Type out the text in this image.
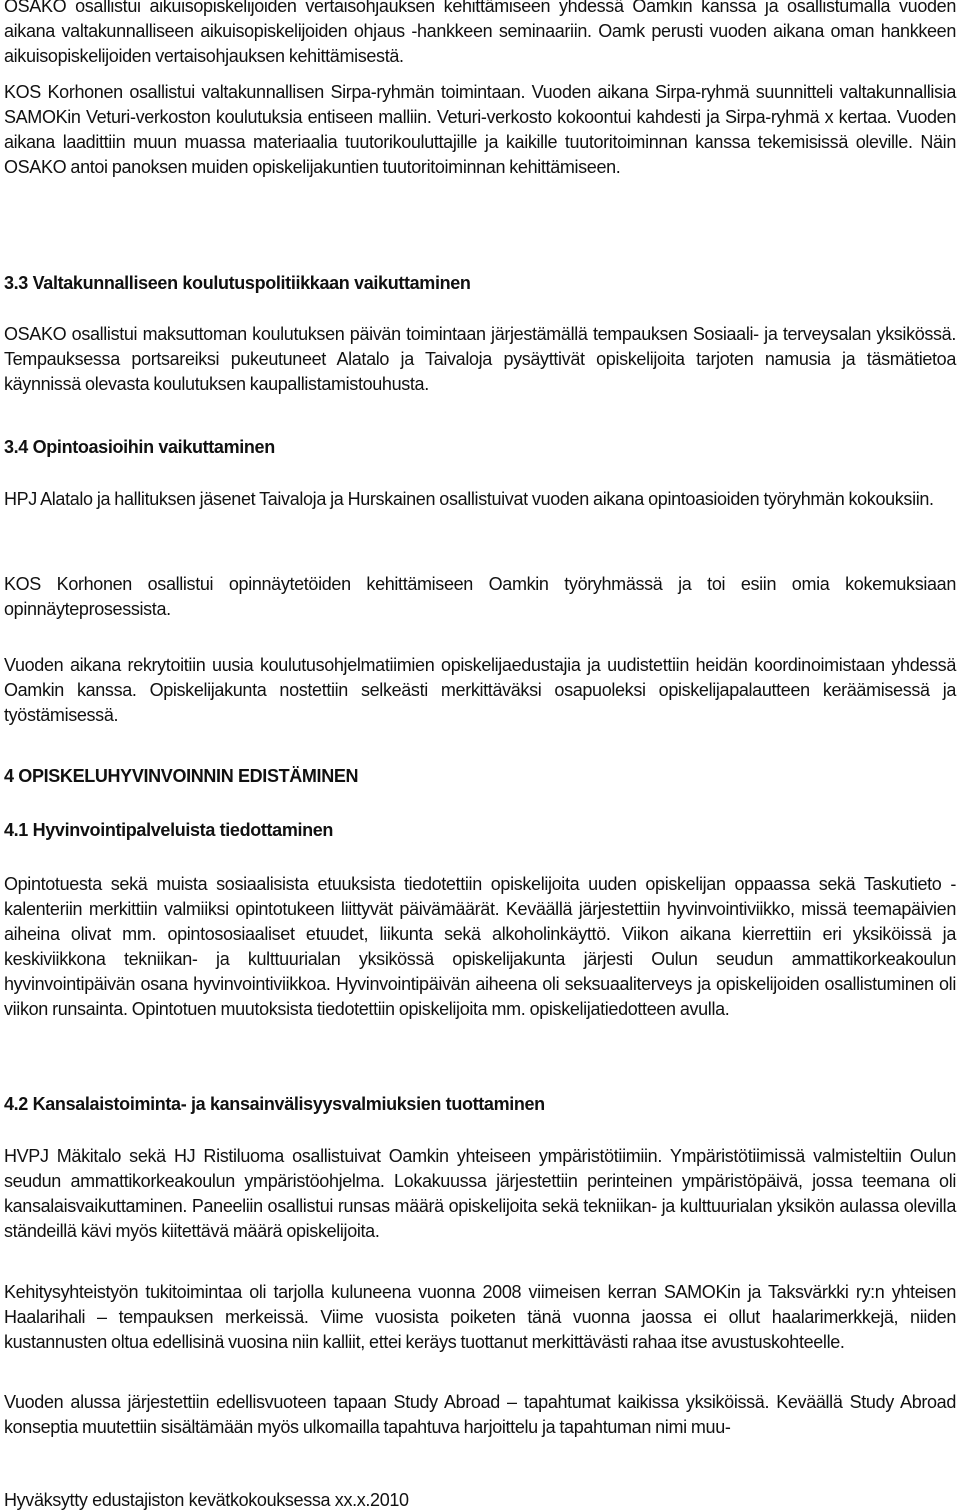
OSAKO osallistui aikuisopiskelijoiden vertaisohjauksen kehittämiseen yhdessä Oamkin kanssa ja osallistumalla vuoden aikana valtakunnalliseen aikuisopiskelijoiden ohjaus -hankkeen seminaariin. Oamk perusti vuoden aikana oman hankkeen aikuisopiskelijoiden vertaisohjauksen kehittämisestä.

KOS Korhonen osallistui valtakunnallisen Sirpa-ryhmän toimintaan. Vuoden aikana Sirpa-ryhmä suunnitteli valtakunnallisia SAMOKin Veturi-verkoston koulutuksia entiseen malliin. Veturi-verkosto kokoontui kahdesti ja Sirpa-ryhmä x kertaa. Vuoden aikana laadittiin muun muassa materiaalia tuutorikouluttajille ja kaikille tuutoritoiminnan kanssa tekemisissä oleville. Näin OSAKO antoi panoksen muiden opiskelijakuntien tuutoritoiminnan kehittämiseen.

3.3 Valtakunnalliseen koulutuspolitiikkaan vaikuttaminen

OSAKO osallistui maksuttoman koulutuksen päivän toimintaan järjestämällä tempauksen Sosiaali- ja terveysalan yksikössä. Tempauksessa portsareiksi pukeutuneet Alatalo ja Taivaloja pysäyttivät opiskelijoita tarjoten namusia ja täsmätietoa käynnissä olevasta koulutuksen kaupallistamistouhusta.

3.4 Opintoasioihin vaikuttaminen

HPJ Alatalo ja hallituksen jäsenet Taivaloja ja Hurskainen osallistuivat vuoden aikana opintoasioiden työryhmän kokouksiin.

KOS Korhonen osallistui opinnäytetöiden kehittämiseen Oamkin työryhmässä ja toi esiin omia kokemuksiaan opinnäyteprosessista.

Vuoden aikana rekrytoitiin uusia koulutusohjelmatiimien opiskelijaedustajia ja uudistettiin heidän koordinoimistaan yhdessä Oamkin kanssa. Opiskelijakunta nostettiin selkeästi merkittäväksi osapuoleksi opiskelijapalautteen keräämisessä ja työstämisessä.

4 OPISKELUHYVINVOINNIN EDISTÄMINEN
4.1 Hyvinvointipalveluista tiedottaminen

Opintotuesta sekä muista sosiaalisista etuuksista tiedotettiin opiskelijoita uuden opiskelijan oppaassa sekä Taskutieto -kalenteriin merkittiin valmiiksi opintotukeen liittyvät päivämäärät. Keväällä järjestettiin hyvinvointiviikko, missä teemapäivien aiheina olivat mm. opintososiaaliset etuudet, liikunta sekä alkoholinkäyttö. Viikon aikana kierrettiin eri yksiköissä ja keskiviikkona tekniikan- ja kulttuurialan yksikössä opiskelijakunta järjesti Oulun seudun ammattikorkeakoulun hyvinvointipäivän osana hyvinvointiviikkoa. Hyvinvointipäivän aiheena oli seksuaaliterveys ja opiskelijoiden osallistuminen oli viikon runsainta. Opintotuen muutoksista tiedotettiin opiskelijoita mm. opiskelijatiedotteen avulla.

4.2 Kansalaistoiminta- ja kansainvälisyysvalmiuksien tuottaminen

HVPJ Mäkitalo sekä HJ Ristiluoma osallistuivat Oamkin yhteiseen ympäristötiimiin. Ympäristötiimissä valmisteltiin Oulun seudun ammattikorkeakoulun ympäristöohjelma. Lokakuussa järjestettiin perinteinen ympäristöpäivä, jossa teemana oli kansalaisvaikuttaminen. Paneeliin osallistui runsas määrä opiskelijoita sekä tekniikan- ja kulttuurialan yksikön aulassa olevilla ständeillä kävi myös kiitettävä määrä opiskelijoita.

Kehitysyhteistyön tukitoimintaa oli tarjolla kuluneena vuonna 2008 viimeisen kerran SAMOKin ja Taksvärkki ry:n yhteisen Haalarihali – tempauksen merkeissä. Viime vuosista poiketen tänä vuonna jaossa ei ollut haalarimerkkejä, niiden kustannusten oltua edellisinä vuosina niin kalliit, ettei keräys tuottanut merkittävästi rahaa itse avustuskohteelle.

Vuoden alussa järjestettiin edellisvuoteen tapaan Study Abroad – tapahtumat kaikissa yksiköissä. Keväällä Study Abroad konseptia muutettiin sisältämään myös ulkomailla tapahtuva harjoittelu ja tapahtuman nimi muu-

Hyväksytty edustajiston kevätkokouksessa xx.x.2010
